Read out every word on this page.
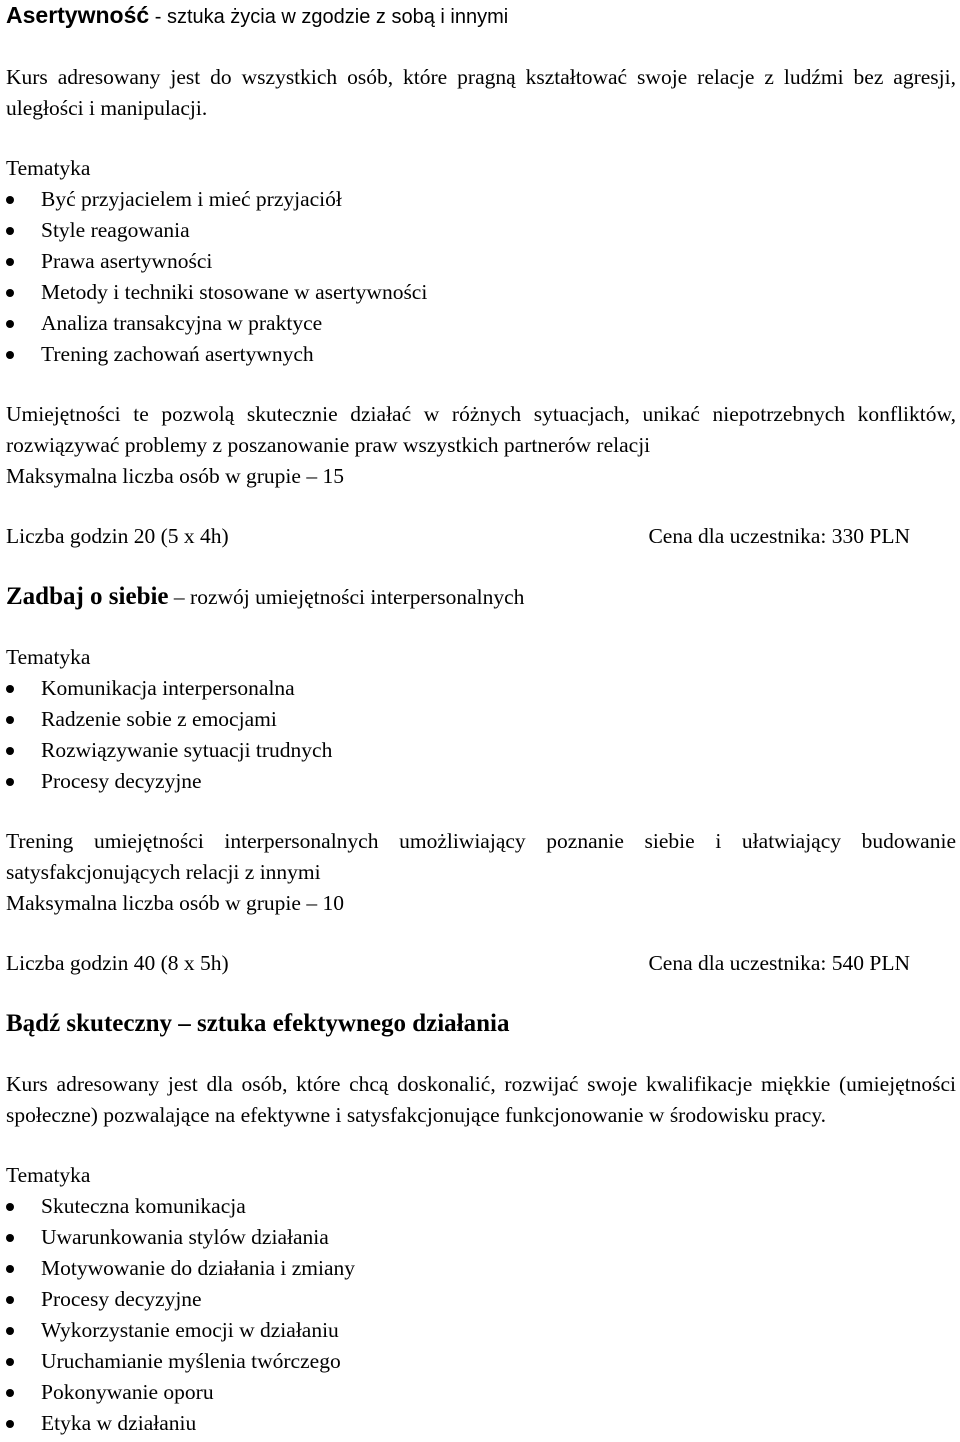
Asertywność - sztuka życia w zgodzie z sobą i innymi

Kurs adresowany jest do wszystkich osób, które pragną kształtować swoje relacje z ludźmi bez agresji, uległości i manipulacji.

Tematyka

Być przyjacielem i mieć przyjaciół
Style reagowania
Prawa asertywności
Metody i techniki stosowane w asertywności
Analiza transakcyjna w praktyce
Trening zachowań asertywnych

Umiejętności te pozwolą skutecznie działać w różnych sytuacjach, unikać niepotrzebnych konfliktów, rozwiązywać problemy z poszanowanie praw wszystkich partnerów relacji

Maksymalna liczba osób w grupie – 15

Liczba godzin 20 (5 x 4h)	Cena dla uczestnika: 330 PLN

Zadbaj o siebie – rozwój umiejętności interpersonalnych

Tematyka

Komunikacja interpersonalna
Radzenie sobie z emocjami
Rozwiązywanie sytuacji trudnych
Procesy decyzyjne

Trening umiejętności interpersonalnych umożliwiający poznanie siebie i ułatwiający budowanie satysfakcjonujących relacji z innymi

Maksymalna liczba osób w grupie – 10

Liczba godzin 40 (8 x 5h)	Cena dla uczestnika: 540 PLN

Bądź skuteczny – sztuka efektywnego działania

Kurs adresowany jest dla osób, które chcą doskonalić, rozwijać swoje kwalifikacje miękkie (umiejętności społeczne) pozwalające na efektywne i satysfakcjonujące funkcjonowanie w środowisku pracy.

Tematyka

Skuteczna komunikacja
Uwarunkowania stylów działania
Motywowanie do działania i zmiany
Procesy decyzyjne
Wykorzystanie emocji w działaniu
Uruchamianie myślenia twórczego
Pokonywanie oporu
Etyka w działaniu
